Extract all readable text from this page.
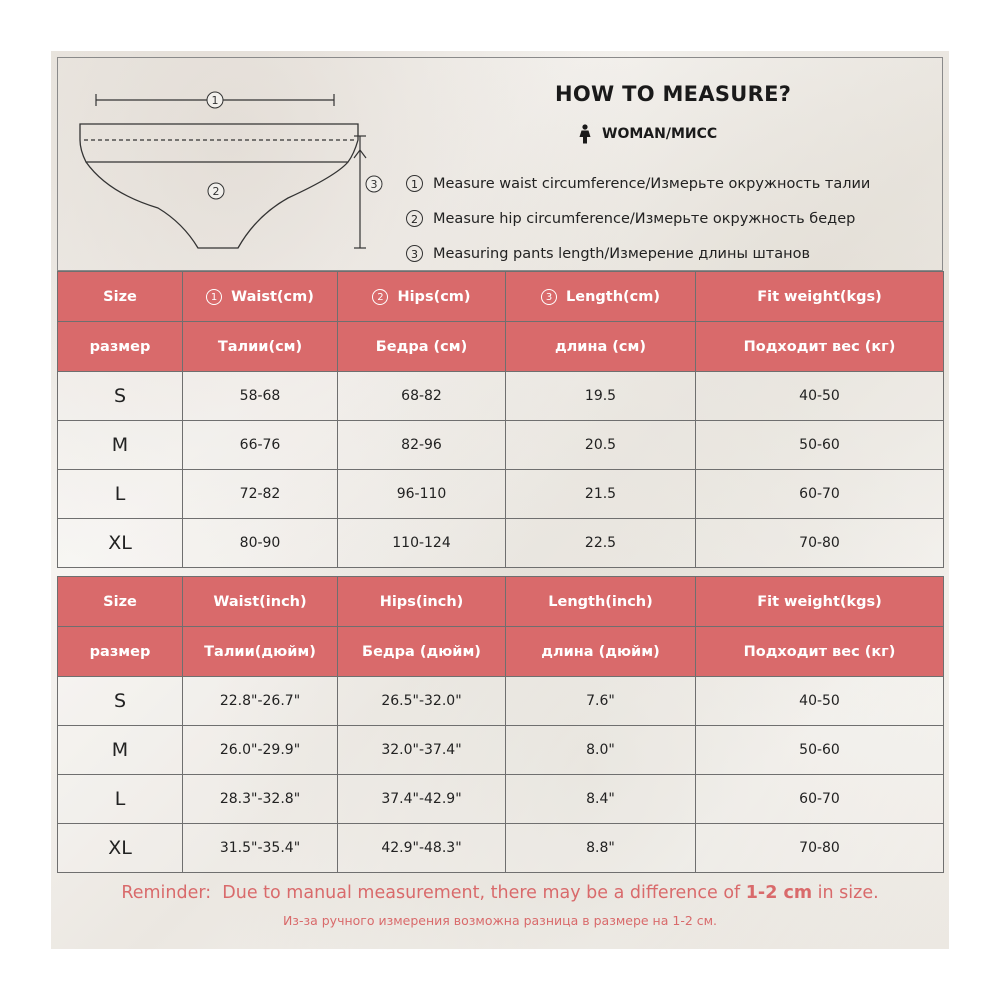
1
2
3
HOW TO MEASURE?
WOMAN/МИСС
1	Measure waist circumference/Измерьте окружность талии
2	Measure hip circumference/Измерьте окружность бедер
3	Measuring pants length/Измерение длины штанов
Size	1 Waist(cm)	2 Hips(cm)	3 Length(cm)	Fit weight(kgs)
размер	Талии(см)	Бедра (см)	длина (см)	Подходит вес (кг)
S	58-68	68-82	19.5	40-50
M	66-76	82-96	20.5	50-60
L	72-82	96-110	21.5	60-70
XL	80-90	110-124	22.5	70-80
Size	Waist(inch)	Hips(inch)	Length(inch)	Fit weight(kgs)
размер	Талии(дюйм)	Бедра (дюйм)	длина (дюйм)	Подходит вес (кг)
S	22.8"-26.7"	26.5"-32.0"	7.6"	40-50
M	26.0"-29.9"	32.0"-37.4"	8.0"	50-60
L	28.3"-32.8"	37.4"-42.9"	8.4"	60-70
XL	31.5"-35.4"	42.9"-48.3"	8.8"	70-80
Reminder: Due to manual measurement, there may be a difference of 1-2 cm in size.
Из-за ручного измерения возможна разница в размере на 1-2 см.
